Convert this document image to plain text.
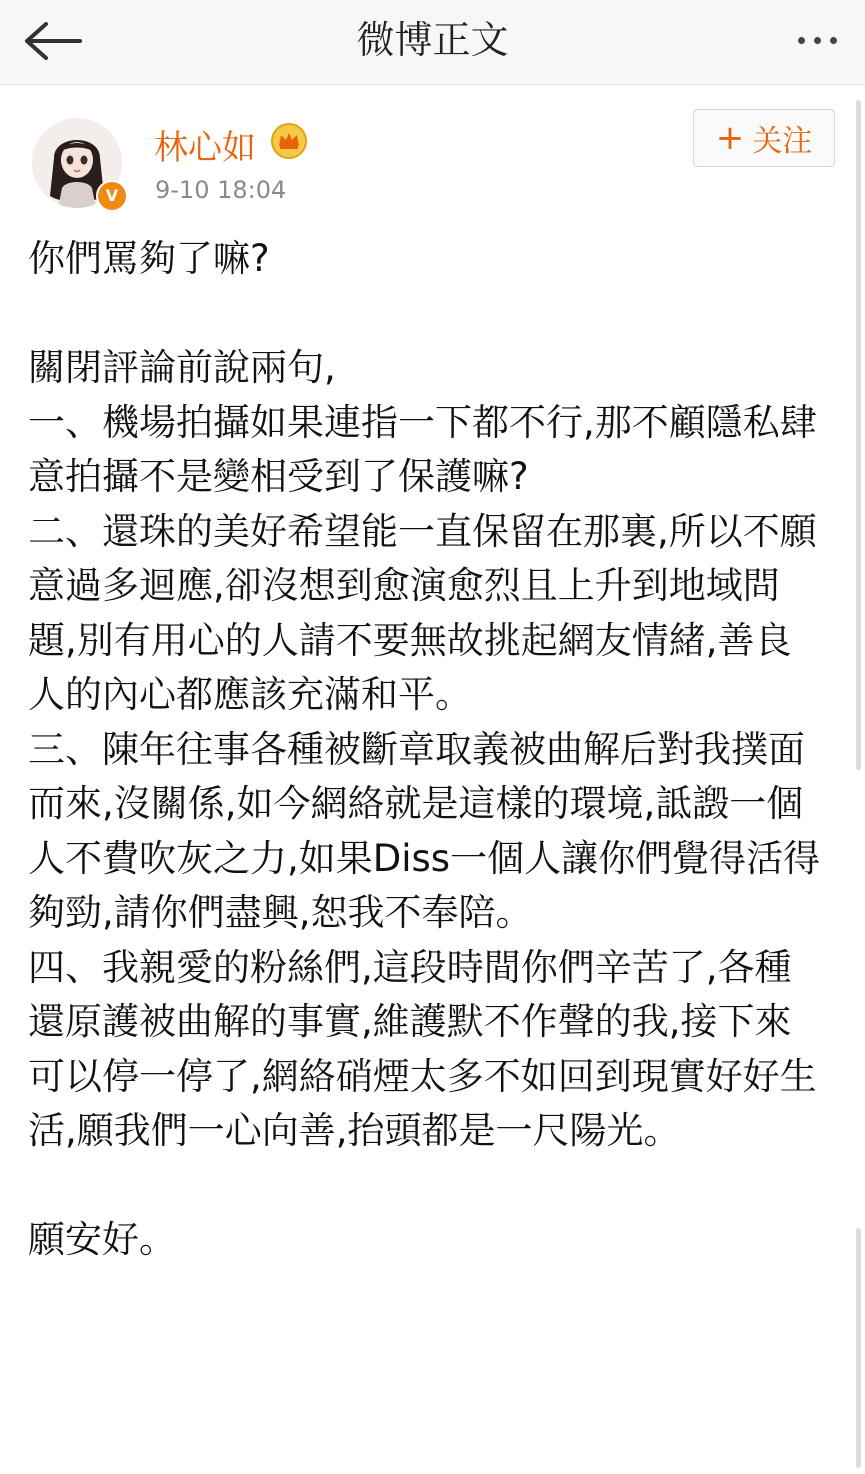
微博正文
V
林心如
9-10 18:04
+ 关注
你們罵夠了嘛?

關閉評論前說兩句,
一、機場拍攝如果連指一下都不行,那不顧隱私肆意拍攝不是變相受到了保護嘛?
二、還珠的美好希望能一直保留在那裏,所以不願意過多迴應,卻沒想到愈演愈烈且上升到地域問題,別有用心的人請不要無故挑起網友情緒,善良人的內心都應該充滿和平。
三、陳年往事各種被斷章取義被曲解后對我撲面而來,沒關係,如今網絡就是這樣的環境,詆譭一個人不費吹灰之力,如果Diss一個人讓你們覺得活得夠勁,請你們盡興,恕我不奉陪。
四、我親愛的粉絲們,這段時間你們辛苦了,各種還原護被曲解的事實,維護默不作聲的我,接下來可以停一停了,網絡硝煙太多不如回到現實好好生活,願我們一心向善,抬頭都是一尺陽光。

願安好。
